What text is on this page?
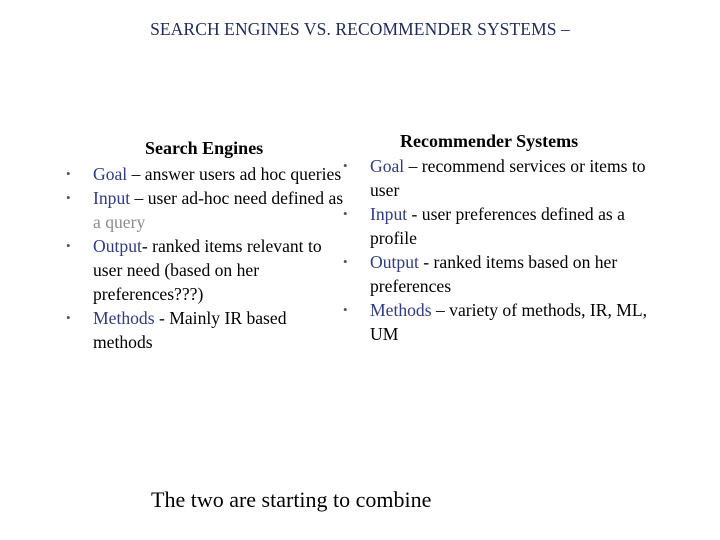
SEARCH ENGINES VS. RECOMMENDER SYSTEMS –
Search Engines
• Goal – answer users ad hoc queries
• Input – user ad-hoc need defined as a query
• Output- ranked items relevant to user need (based on her preferences???)
• Methods - Mainly IR based methods
Recommender Systems
• Goal – recommend services or items to user
• Input - user preferences defined as a profile
• Output - ranked items based on her preferences
• Methods – variety of methods, IR, ML, UM
The two are starting to combine
